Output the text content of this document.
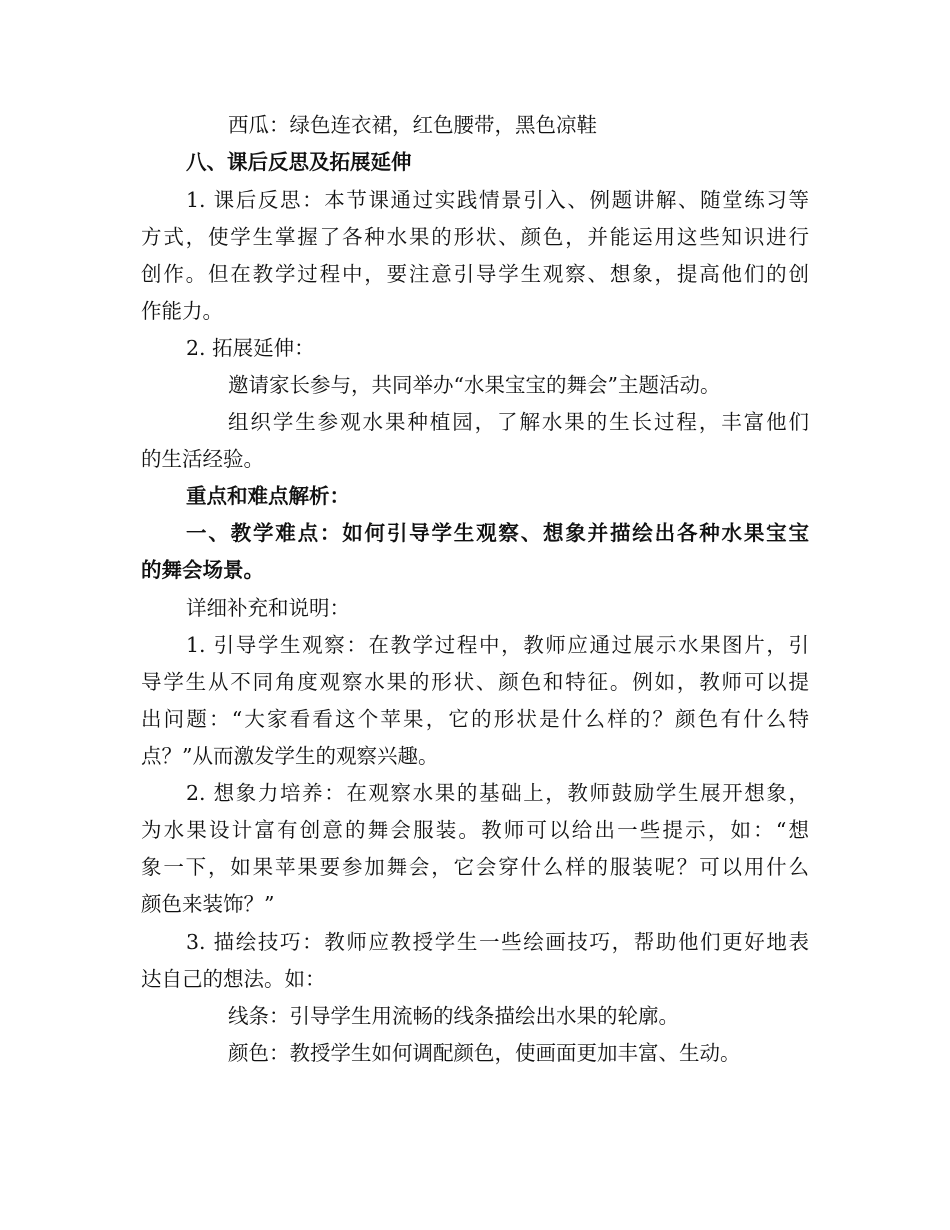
西瓜：绿色连衣裙，红色腰带，黑色凉鞋
八、课后反思及拓展延伸
1. 课后反思：本节课通过实践情景引入、例题讲解、随堂练习等
方式，使学生掌握了各种水果的形状、颜色，并能运用这些知识进行
创作。但在教学过程中，要注意引导学生观察、想象，提高他们的创
作能力。
2. 拓展延伸：
邀请家长参与，共同举办“水果宝宝的舞会”主题活动。
组织学生参观水果种植园，了解水果的生长过程，丰富他们
的生活经验。
重点和难点解析：
一、教学难点：如何引导学生观察、想象并描绘出各种水果宝宝
的舞会场景。
详细补充和说明：
1. 引导学生观察：在教学过程中，教师应通过展示水果图片，引
导学生从不同角度观察水果的形状、颜色和特征。例如，教师可以提
出问题：“大家看看这个苹果，它的形状是什么样的？颜色有什么特
点？”从而激发学生的观察兴趣。
2. 想象力培养：在观察水果的基础上，教师鼓励学生展开想象，
为水果设计富有创意的舞会服装。教师可以给出一些提示，如：“想
象一下，如果苹果要参加舞会，它会穿什么样的服装呢？可以用什么
颜色来装饰？”
3. 描绘技巧：教师应教授学生一些绘画技巧，帮助他们更好地表
达自己的想法。如：
线条：引导学生用流畅的线条描绘出水果的轮廓。
颜色：教授学生如何调配颜色，使画面更加丰富、生动。
